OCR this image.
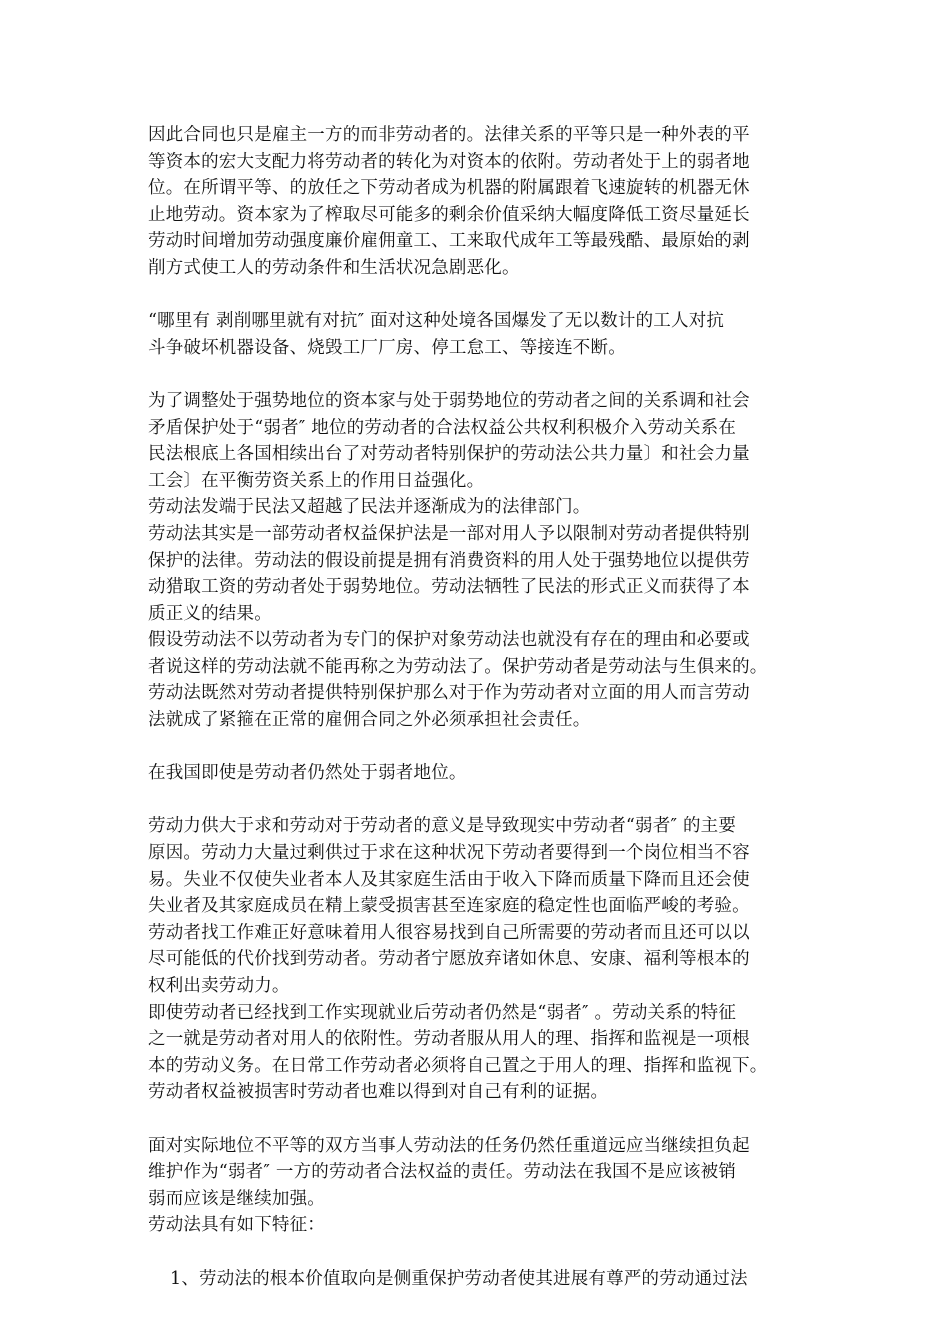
因此合同也只是雇主一方的而非劳动者的。法律关系的平等只是一种外表的平
等资本的宏大支配力将劳动者的转化为对资本的依附。劳动者处于上的弱者地
位。在所谓平等、的放任之下劳动者成为机器的附属跟着飞速旋转的机器无休
止地劳动。资本家为了榨取尽可能多的剩余价值采纳大幅度降低工资尽量延长
劳动时间增加劳动强度廉价雇佣童工、工来取代成年工等最残酷、最原始的剥
削方式使工人的劳动条件和生活状况急剧恶化。
“哪里有 剥削哪里就有对抗″ 面对这种处境各国爆发了无以数计的工人对抗
斗争破坏机器设备、烧毁工厂厂房、停工怠工、等接连不断。
为了调整处于强势地位的资本家与处于弱势地位的劳动者之间的关系调和社会
矛盾保护处于“弱者″ 地位的劳动者的合法权益公共权利积极介入劳动关系在
民法根底上各国相续出台了对劳动者特别保护的劳动法公共力量〕和社会力量
工会〕在平衡劳资关系上的作用日益强化。
劳动法发端于民法又超越了民法并逐渐成为的法律部门。
劳动法其实是一部劳动者权益保护法是一部对用人予以限制对劳动者提供特别
保护的法律。劳动法的假设前提是拥有消费资料的用人处于强势地位以提供劳
动猎取工资的劳动者处于弱势地位。劳动法牺牲了民法的形式正义而获得了本
质正义的结果。
假设劳动法不以劳动者为专门的保护对象劳动法也就没有存在的理由和必要或
者说这样的劳动法就不能再称之为劳动法了。保护劳动者是劳动法与生俱来的。
劳动法既然对劳动者提供特别保护那么对于作为劳动者对立面的用人而言劳动
法就成了紧箍在正常的雇佣合同之外必须承担社会责任。
在我国即使是劳动者仍然处于弱者地位。
劳动力供大于求和劳动对于劳动者的意义是导致现实中劳动者“弱者″ 的主要
原因。劳动力大量过剩供过于求在这种状况下劳动者要得到一个岗位相当不容
易。失业不仅使失业者本人及其家庭生活由于收入下降而质量下降而且还会使
失业者及其家庭成员在精上蒙受损害甚至连家庭的稳定性也面临严峻的考验。
劳动者找工作难正好意味着用人很容易找到自己所需要的劳动者而且还可以以
尽可能低的代价找到劳动者。劳动者宁愿放弃诸如休息、安康、福利等根本的
权利出卖劳动力。
即使劳动者已经找到工作实现就业后劳动者仍然是“弱者″ 。劳动关系的特征
之一就是劳动者对用人的依附性。劳动者服从用人的理、指挥和监视是一项根
本的劳动义务。在日常工作劳动者必须将自己置之于用人的理、指挥和监视下。
劳动者权益被损害时劳动者也难以得到对自己有利的证据。
面对实际地位不平等的双方当事人劳动法的任务仍然任重道远应当继续担负起
维护作为“弱者″ 一方的劳动者合法权益的责任。劳动法在我国不是应该被销
弱而应该是继续加强。
劳动法具有如下特征：
1、劳动法的根本价值取向是侧重保护劳动者使其进展有尊严的劳动通过法
